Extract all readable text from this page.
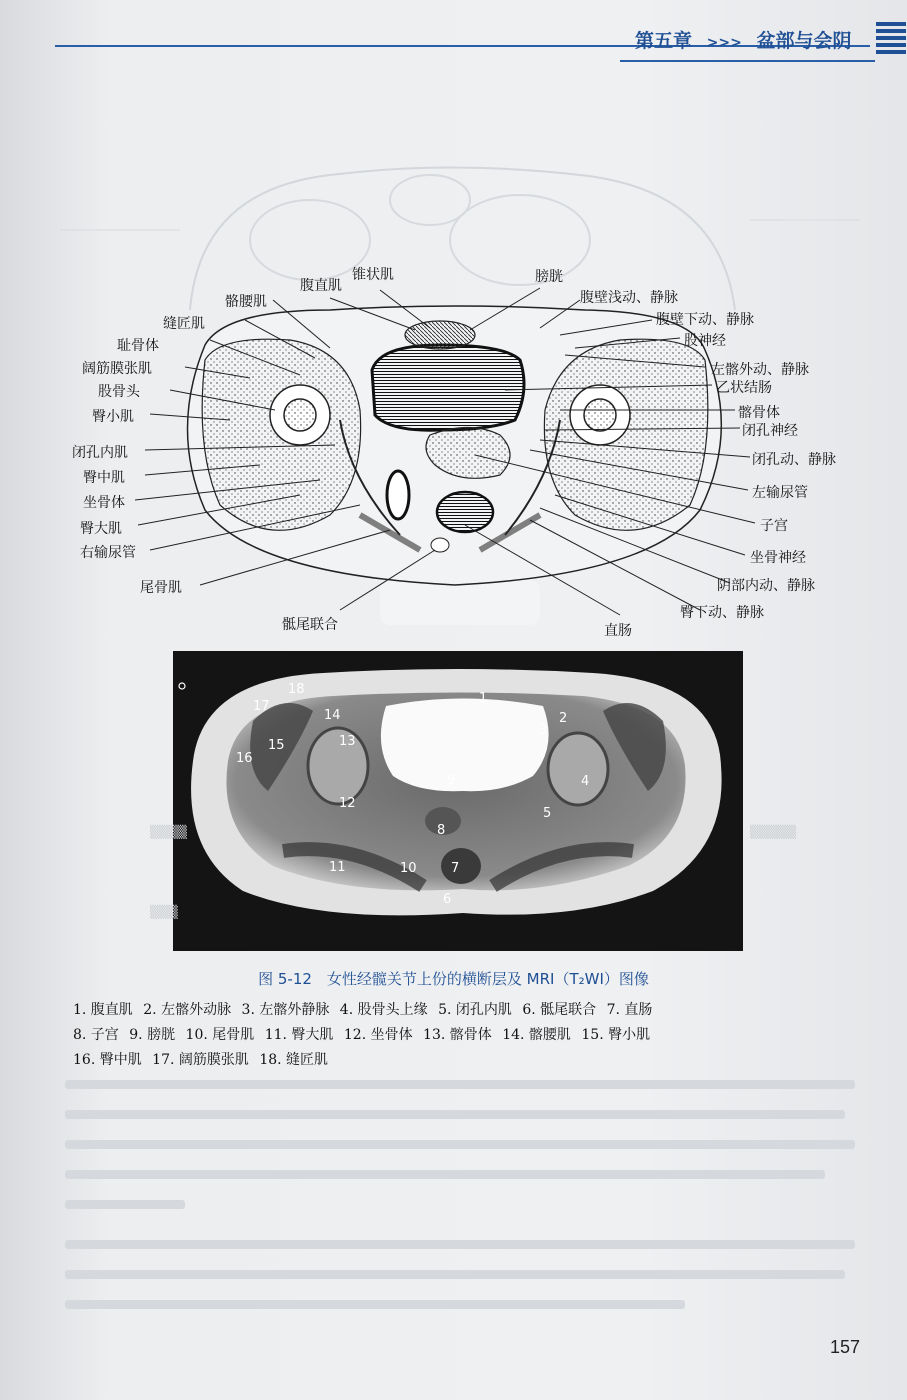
第五章 >>> 盆部与会阴
骼腰肌
缝匠肌
耻骨体
阔筋膜张肌
股骨头
臀小肌
闭孔内肌
臀中肌
坐骨体
臀大肌
右输尿管
尾骨肌
骶尾联合
腹直肌
锥状肌	膀胱
腹壁浅动、静脉
腹壁下动、静脉
股神经
左髂外动、静脉
乙状结肠
髂骨体
闭孔神经
闭孔动、静脉
左输尿管
子宫
坐骨神经
阴部内动、静脉
臀下动、静脉
直肠
1
2
3
4
5
6
7
8
9
10
11
12
13
14
15
16
17
18
▒▒▒▒	▒▒▒▒▒
▒▒▒
图 5-12　女性经髋关节上份的横断层及 MRI（T₂WI）图像
1. 腹直肌 2. 左髂外动脉 3. 左髂外静脉 4. 股骨头上缘 5. 闭孔内肌 6. 骶尾联合 7. 直肠
8. 子宫 9. 膀胱 10. 尾骨肌 11. 臀大肌 12. 坐骨体 13. 髂骨体 14. 髂腰肌 15. 臀小肌
16. 臀中肌 17. 阔筋膜张肌 18. 缝匠肌
157
